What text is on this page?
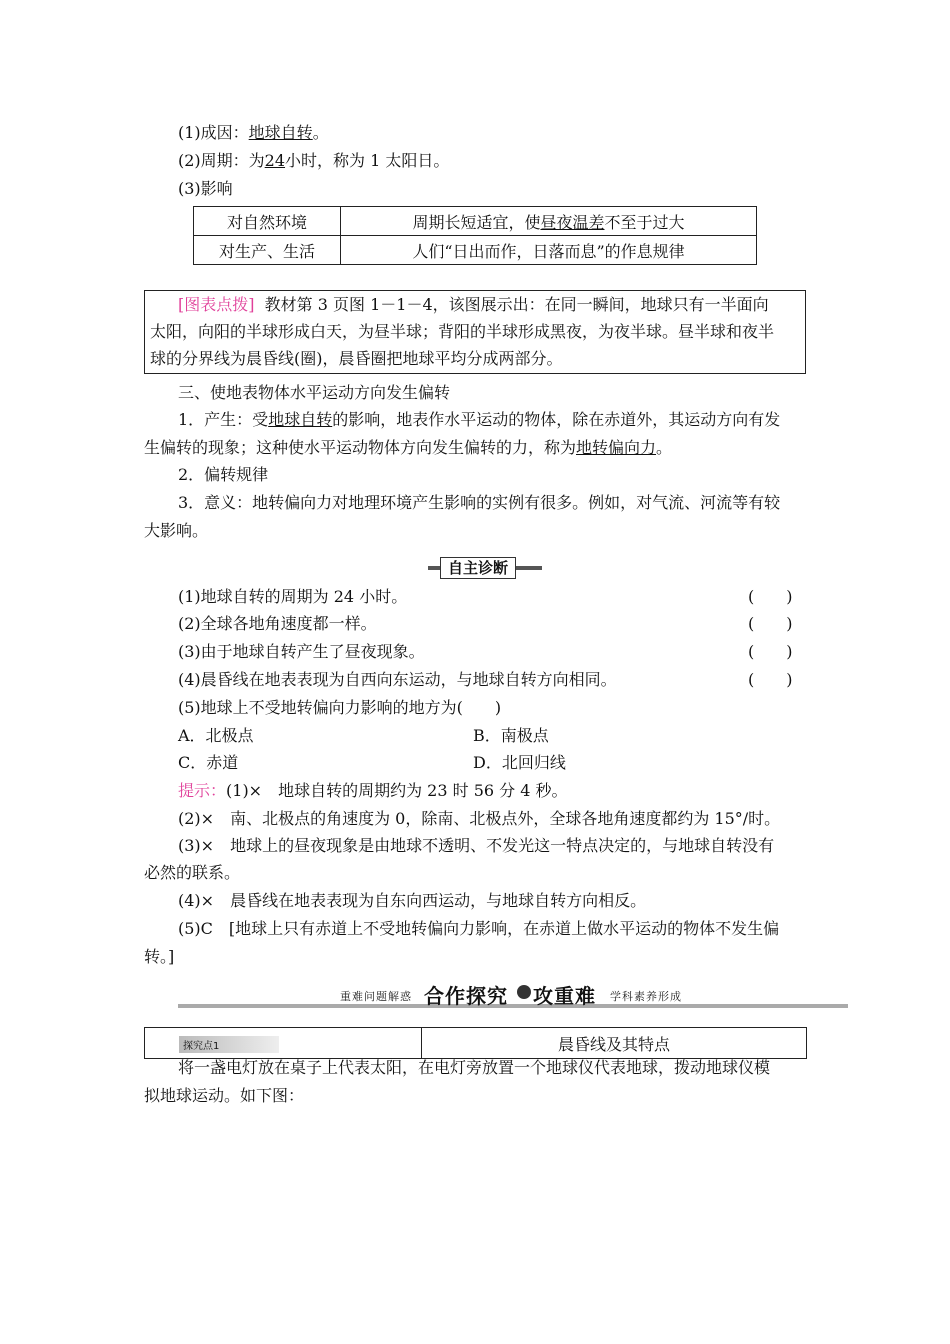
(1)成因：地球自转。
(2)周期：为24小时，称为 1 太阳日。
(3)影响
对自然环境	周期长短适宜，使昼夜温差不至于过大
对生产、生活	人们“日出而作，日落而息”的作息规律
[图表点拨] 教材第 3 页图 1－1－4，该图展示出：在同一瞬间，地球只有一半面向
太阳，向阳的半球形成白天，为昼半球；背阳的半球形成黑夜，为夜半球。昼半球和夜半
球的分界线为晨昏线(圈)，晨昏圈把地球平均分成两部分。
三、使地表物体水平运动方向发生偏转
1．产生：受地球自转的影响，地表作水平运动的物体，除在赤道外，其运动方向有发
生偏转的现象；这种使水平运动物体方向发生偏转的力，称为地转偏向力。
2．偏转规律
3．意义：地转偏向力对地理环境产生影响的实例有很多。例如，对气流、河流等有较
大影响。
自主诊断
(1)地球自转的周期为 24 小时。	(　　)
(2)全球各地角速度都一样。	(　　)
(3)由于地球自转产生了昼夜现象。	(　　)
(4)晨昏线在地表表现为自西向东运动，与地球自转方向相同。	(　　)
(5)地球上不受地转偏向力影响的地方为(　　)
A．北极点	B．南极点
C．赤道	D．北回归线
提示：(1)×　地球自转的周期约为 23 时 56 分 4 秒。
(2)×　南、北极点的角速度为 0，除南、北极点外，全球各地角速度都约为 15°/时。
(3)×　地球上的昼夜现象是由地球不透明、不发光这一特点决定的，与地球自转没有
必然的联系。
(4)×　晨昏线在地表表现为自东向西运动，与地球自转方向相反。
(5)C　[地球上只有赤道上不受地转偏向力影响，在赤道上做水平运动的物体不发生偏
转。]
重难问题解惑 合作探究 攻重难 学科素养形成
探究点1	晨昏线及其特点
将一盏电灯放在桌子上代表太阳，在电灯旁放置一个地球仪代表地球，拨动地球仪模
拟地球运动。如下图：
